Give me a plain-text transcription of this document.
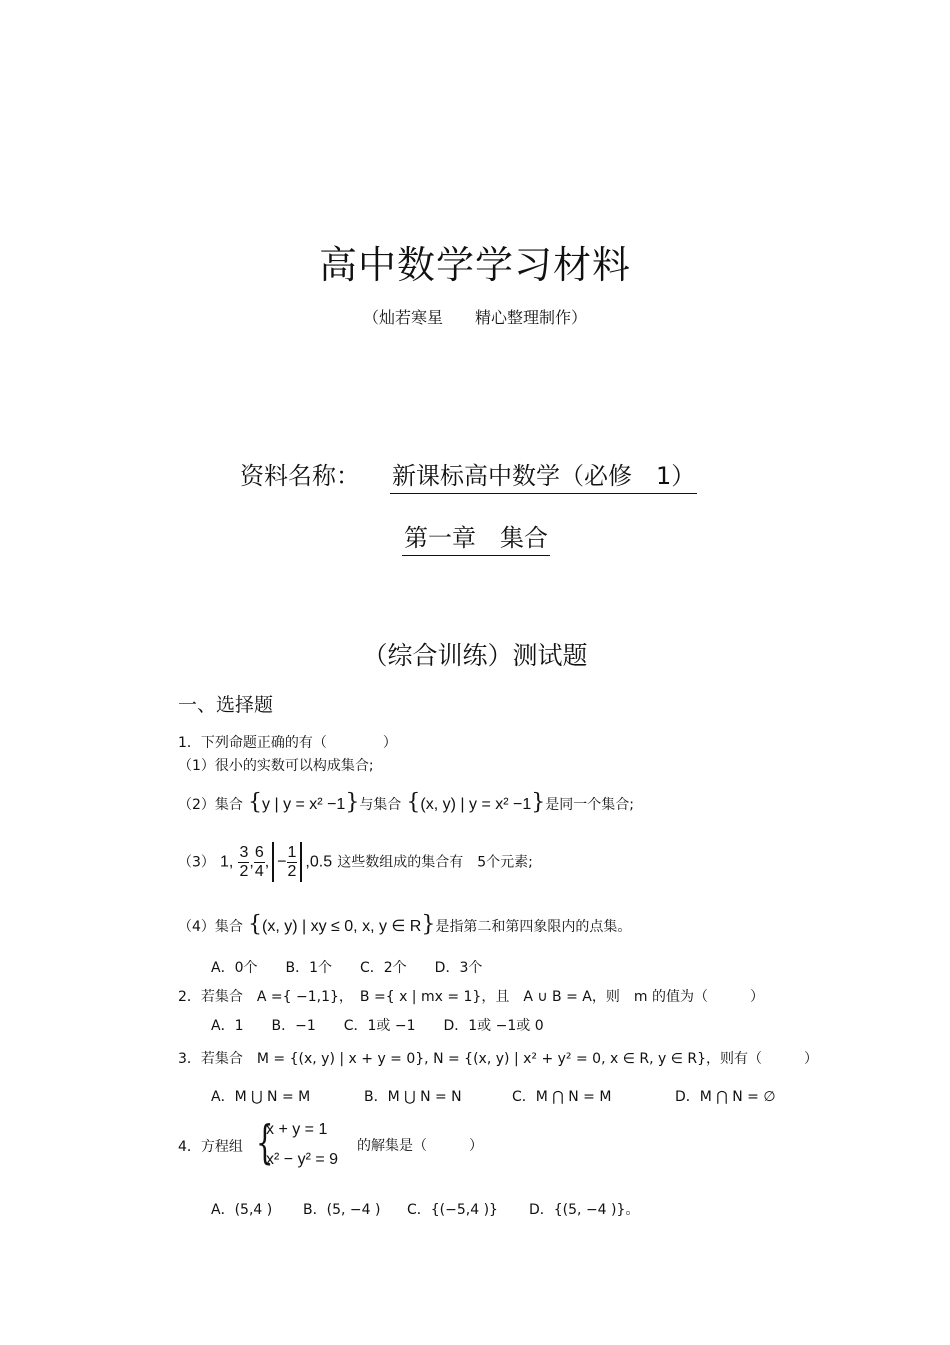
高中数学学习材料
（灿若寒星　　精心整理制作）
资料名称： 新课标高中数学（必修　1）
第一章　集合
（综合训练）测试题
一、选择题
1．下列命题正确的有（　　　　）
（1）很小的实数可以构成集合;
（2）集合 {y | y = x² −1}与集合 {(x, y) | y = x² −1}是同一个集合;
（3） 1, $\frac{3}{2}$ , $\frac{6}{4}$ , − $\frac{1}{2} ,0.5$ 这些数组成的集合有　5个元素;
（4）集合 {(x, y) | xy ≤ 0, x, y ∈ R}是指第二和第四象限内的点集。
A．0个　　B．1个　　C．2个　　D．3个
2．若集合　A ={ −1,1}，　B ={ x | mx = 1}，且　A ∪ B = A，则　m 的值为（　　　）
A．1　　B．−1　　C．1或 −1　　D．1或 −1或 0
3．若集合　M = {(x, y) | x + y = 0}, N = {(x, y) | x² + y² = 0, x ∈ R, y ∈ R}，则有（　　　）
A．M ⋃ N = M	B．M ⋃ N = N	C．M ⋂ N = M	D．M ⋂ N = ∅
4．方程组 {
x + y = 1
x² − y² = 9
的解集是（　　　）
A．(5,4 ) B．(5, −4 ) C．{(−5,4 )} D．{(5, −4 )}。
